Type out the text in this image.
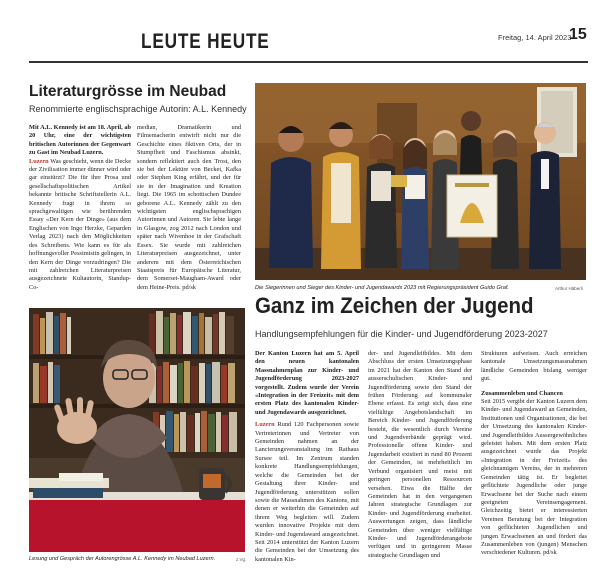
LEUTE HEUTE	Freitag, 14. April 2023
15
Literaturgrösse im Neubad
Renommierte englischsprachige Autorin: A.L. Kennedy

Mit A.L. Kennedy ist am 18. April, ab 20 Uhr, eine der wichtigsten britischen Autorinnen der Gegenwart zu Gast im Neubad Luzern.

Luzern Was geschieht, wenn die Decke der Zivilisation immer dünner wird oder gar einstürzt? Die für ihre Prosa und gesellschaftspolitischen Artikel bekannte britische Schriftstellerin A.L. Kennedy fragt in ihrem so sprachgewaltigen wie berührenden Essay «Der Kern der Dinge» (aus dem Englischen von Ingo Herzke, Geparden Verlag 2023) nach den Möglichkeiten des Schreibens. Wie kann es für als hoffnungsvoller Pessimistin gelingen, in den Kern der Dinge vorzudringen? Die mit zahlreichen Literaturpreisen ausgezeichnete Kultautorin, Standup-Co-

median, Dramatikerin und Filmemacherin entwirft nicht nur die Geschichte eines fiktiven Orts, der in Stumpfheit und Faschismus absinkt, sondern reflektiert auch den Trost, den sie bei der Lektüre von Becket, Kafka oder Stephen King erfährt, und der für sie in der Imagination und Kreation liegt. Die 1965 im schottischen Dundee geborene A.L. Kennedy zählt zu den wichtigsten englischsprachigen Autorinnen und Autoren. Sie lebte lange in Glasgow, zog 2012 nach London und später nach Wivenhoe in der Grafschaft Essex. Sie wurde mit zahlreichen Literaturpreisen ausgezeichnet, unter anderem mit dem Österreichischen Staatspreis für Europäische Literatur, dem Somerset-Maugham-Award oder dem Heine-Preis. pd/sk

Lesung und Gespräch der Autorengrösse A.L. Kennedy im Neubad Luzern.	z.Vg.
Die Siegerinnen und Sieger des Kinder- und Jugendawards 2023 mit Regierungspräsident Guido Graf.	Arthur Häberli
Ganz im Zeichen der Jugend
Handlungsempfehlungen für die Kinder- und Jugendförderung 2023-2027

Der Kanton Luzern hat am 5. April den neuen kantonalen Massnahmenplan zur Kinder- und Jugendförderung 2023-2027 vorgestellt. Zudem wurde der Verein «Integration in der Freizeit» mit dem ersten Platz des kantonalen Kinder- und Jugendawards ausgezeichnet.

Luzern Rund 120 Fachpersonen sowie Vertreterinnen und Vertreter von Gemeinden nahmen an der Lancierungsveranstaltung im Rathaus Sursee teil. Im Zentrum standen konkrete Handlungsempfehlungen, welche die Gemeinden bei der Gestaltung ihrer Kinder- und Jugendförderung unterstützen sollen sowie die Massnahmen des Kantons, mit denen er weiterhin die Gemeinden auf ihrem Weg begleiten will. Zudem wurden innovative Projekte mit dem Kinder- und Jugendaward ausgezeichnet. Seit 2014 unterstützt der Kanton Luzern die Gemeinden bei der Umsetzung des kantonalen Kin-

der- und Jugendleitbildes. Mit dem Abschluss der ersten Umsetzungsphase im 2021 hat der Kanton den Stand der ausserschulischen Kinder- und Jugendförderung sowie den Stand der frühen Förderung auf kommunaler Ebene erfasst. Es zeigt sich, dass eine vielfältige Angebotslandschaft im Bereich Kinder- und Jugendförderung besteht, die wesentlich durch Vereine und Jugendverbände geprägt wird. Professionelle offene Kinder- und Jugendarbeit existiert in rund 80 Prozent der Gemeinden, ist mehrheitlich im Verbund organisiert und meist mit geringen personellen Ressourcen versehen. Etwa die Hälfte der Gemeinden hat in den vergangenen Jahren strategische Grundlagen zur Kinder- und Jugendförderung erarbeitet. Auswertungen zeigen, dass ländliche Gemeinden über weniger vielfältige Kinder- und Jugendförderangebote verfügen und in geringerem Masse strategische Grundlagen und

Strukturen aufweisen. Auch erreichen kantonale Umsetzungsmassnahmen ländliche Gemeinden bislang weniger gut.

Zusammenleben und Chancen

Seit 2015 vergibt der Kanton Luzern dem Kinder- und Jugendaward an Gemeinden, Institutionen und Organisationen, die bei der Umsetzung des kantonalen Kinder- und Jugendleitbildes Aussergewöhnliches geleistet haben. Mit dem ersten Platz ausgezeichnet wurde das Projekt «Integration in der Freizeit» des gleichnamigen Vereins, der in mehreren Gemeinden tätig ist. Er begleitet geflüchtete Jugendliche oder junge Erwachsene bei der Suche nach einem geeigneten Vereinsengagement. Gleichzeitig bietet er interessierten Vereinen Beratung bei der Integration von geflüchteten Jugendlichen und jungen Erwachsenen an und fördert das Zusammenleben von (jungen) Menschen verschiedener Kulturen. pd/sk
